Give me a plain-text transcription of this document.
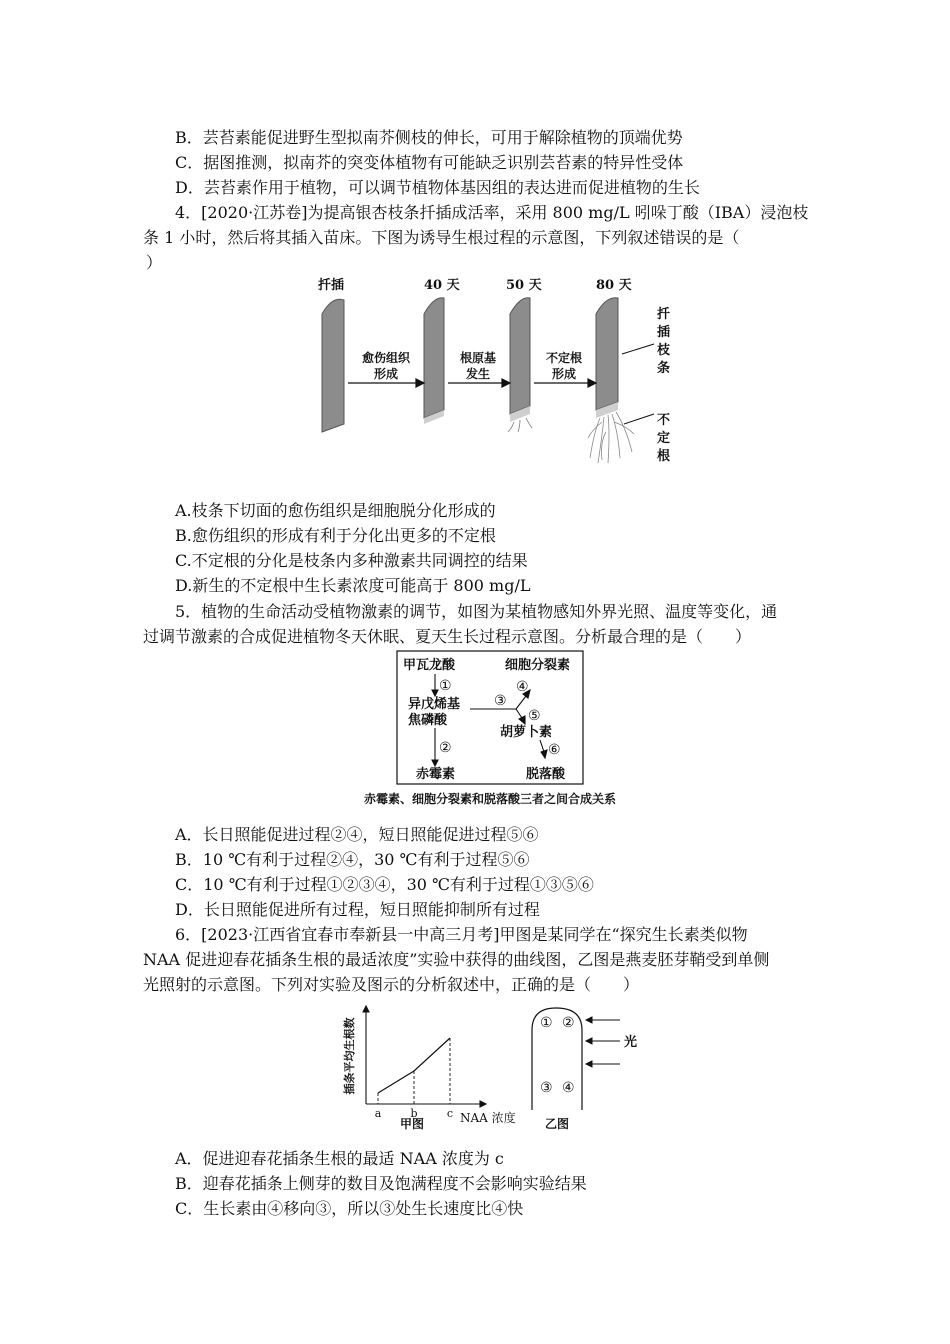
B．芸苔素能促进野生型拟南芥侧枝的伸长，可用于解除植物的顶端优势
C．据图推测，拟南芥的突变体植物有可能缺乏识别芸苔素的特异性受体
D．芸苔素作用于植物，可以调节植物体基因组的表达进而促进植物的生长
4．[2020·江苏卷]为提高银杏枝条扦插成活率，采用 800 mg/L 吲哚丁酸（IBA）浸泡枝
条 1 小时，然后将其插入苗床。下图为诱导生根过程的示意图，下列叙述错误的是（
）
扦插	40 天	50 天	80 天
愈伤组织
形成
根原基
发生
不定根
形成
扦
插
枝
条
不
定
根
A.枝条下切面的愈伤组织是细胞脱分化形成的
B.愈伤组织的形成有利于分化出更多的不定根
C.不定根的分化是枝条内多种激素共同调控的结果
D.新生的不定根中生长素浓度可能高于 800 mg/L
5．植物的生命活动受植物激素的调节，如图为某植物感知外界光照、温度等变化，通
过调节激素的合成促进植物冬天休眠、夏天生长过程示意图。分析最合理的是（　　）
甲瓦龙酸	细胞分裂素
异戊烯基
焦磷酸
胡萝卜素
赤霉素	脱落酸
①
②
③
④
⑤
⑥
赤霉素、细胞分裂素和脱落酸三者之间合成关系
A．长日照能促进过程②④，短日照能促进过程⑤⑥
B．10 ℃有利于过程②④，30 ℃有利于过程⑤⑥
C．10 ℃有利于过程①②③④，30 ℃有利于过程①③⑤⑥
D．长日照能促进所有过程，短日照能抑制所有过程
6．[2023·江西省宜春市奉新县一中高三月考]甲图是某同学在“探究生长素类似物
NAA 促进迎春花插条生根的最适浓度”实验中获得的曲线图，乙图是燕麦胚芽鞘受到单侧
光照射的示意图。下列对实验及图示的分析叙述中，正确的是（　　）
插条平均生根数
NAA 浓度
甲图
a	b	c
① ②
③ ④
光
乙图
A．促进迎春花插条生根的最适 NAA 浓度为 c
B．迎春花插条上侧芽的数目及饱满程度不会影响实验结果
C．生长素由④移向③，所以③处生长速度比④快
